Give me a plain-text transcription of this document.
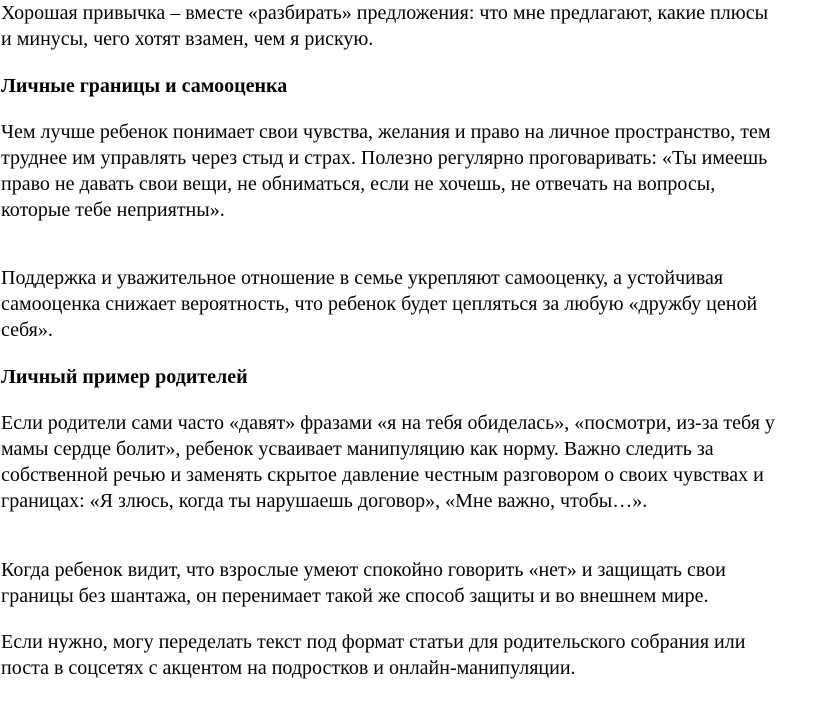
Хорошая привычка – вместе «разбирать» предложения: что мне предлагают, какие плюсы
и минусы, чего хотят взамен, чем я рискую.

Личные границы и самооценка

Чем лучше ребенок понимает свои чувства, желания и право на личное пространство, тем
труднее им управлять через стыд и страх. Полезно регулярно проговаривать: «Ты имеешь
право не давать свои вещи, не обниматься, если не хочешь, не отвечать на вопросы,
которые тебе неприятны».

Поддержка и уважительное отношение в семье укрепляют самооценку, а устойчивая
самооценка снижает вероятность, что ребенок будет цепляться за любую «дружбу ценой
себя».

Личный пример родителей

Если родители сами часто «давят» фразами «я на тебя обиделась», «посмотри, из-за тебя у
мамы сердце болит», ребенок усваивает манипуляцию как норму. Важно следить за
собственной речью и заменять скрытое давление честным разговором о своих чувствах и
границах: «Я злюсь, когда ты нарушаешь договор», «Мне важно, чтобы…».

Когда ребенок видит, что взрослые умеют спокойно говорить «нет» и защищать свои
границы без шантажа, он перенимает такой же способ защиты и во внешнем мире.

Если нужно, могу переделать текст под формат статьи для родительского собрания или
поста в соцсетях с акцентом на подростков и онлайн-манипуляции.
